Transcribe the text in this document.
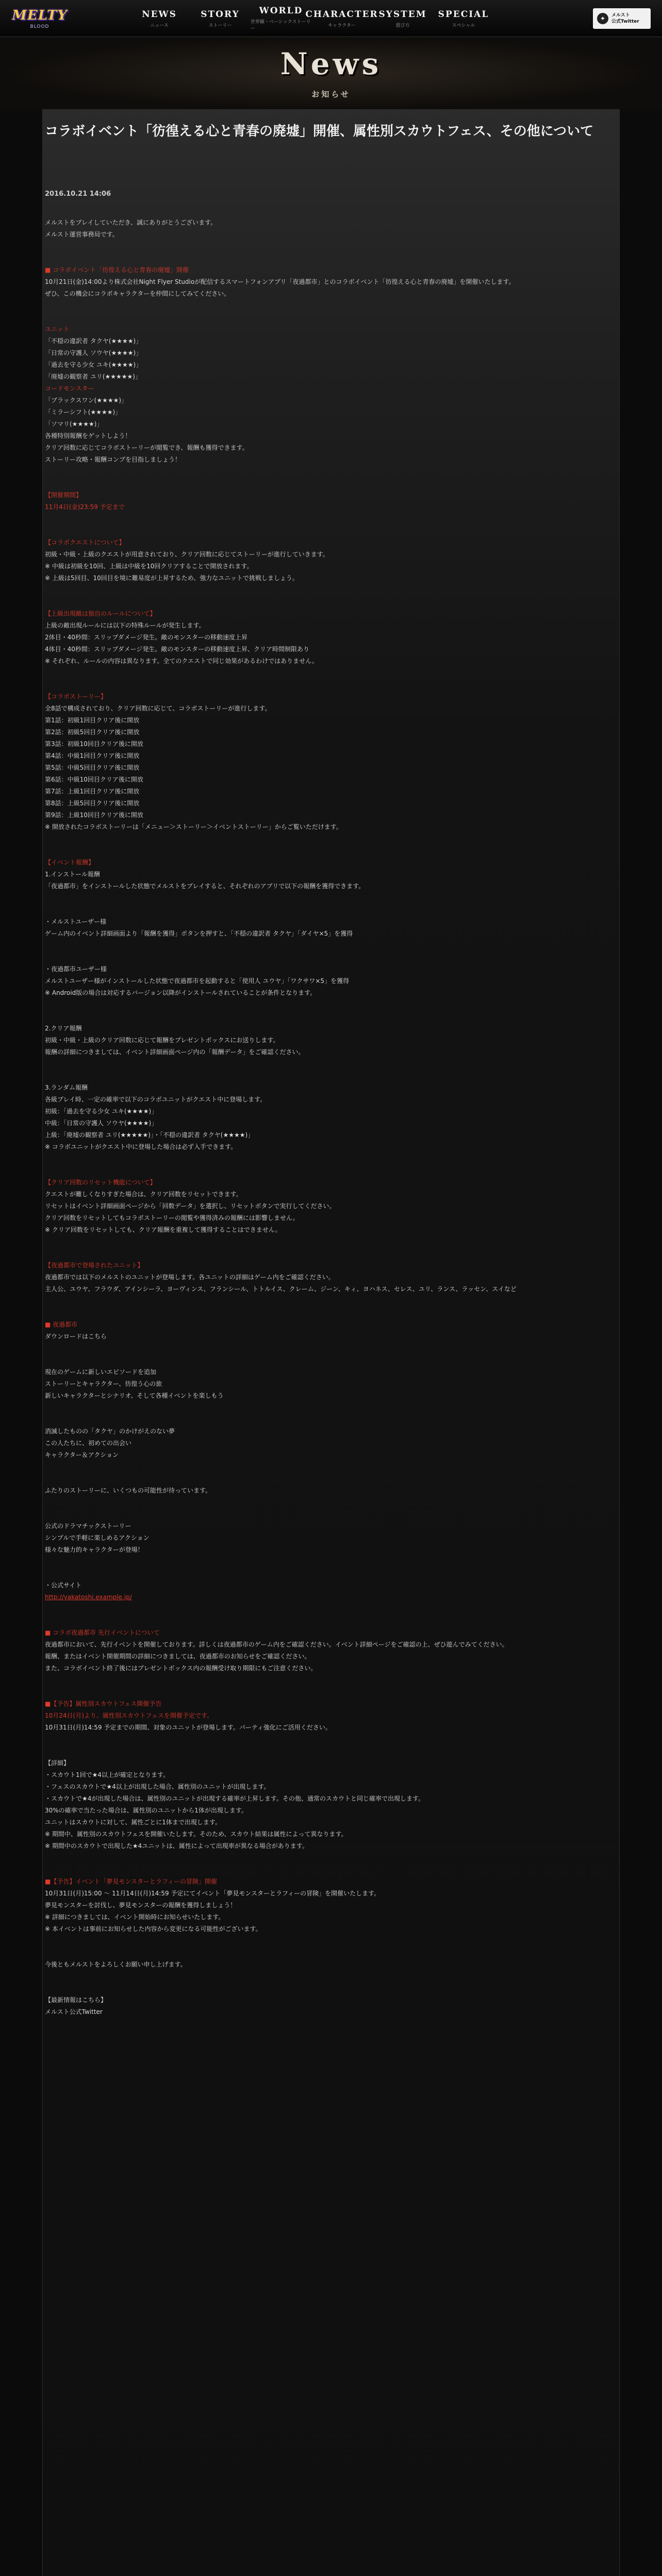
MELTY
BLOOD
NEWS
ニュース
STORY
ストーリー
WORLD
世界観・ベーシックストーリー
CHARACTER
キャラクター
SYSTEM
遊び方
SPECIAL
スペシャル
✦	メルスト
公式Twitter
News
お知らせ
コラボイベント「彷徨える心と青春の廃墟」開催、属性別スカウトフェス、その他について
2016.10.21 14:06
メルストをプレイしていただき、誠にありがとうございます。
メルスト運営事務局です。
■ コラボイベント「彷徨える心と青春の廃墟」開催
10月21日(金)14:00より株式会社Night Flyer Studioが配信するスマートフォンアプリ「夜過都市」とのコラボイベント「彷徨える心と青春の廃墟」を開催いたします。
ぜひ、この機会にコラボキャラクターを仲間にしてみてください。
ユニット
「不穏の違訳者 タクヤ(★★★★)」
「日常の守護人 ソウヤ(★★★★)」
「過去を守る少女 ユキ(★★★★)」
「廃墟の観察者 ユリ(★★★★★)」
コードモンスター
「ブラックスワン(★★★★)」
「ミラーシフト(★★★★)」
「ソマリ(★★★★)」
各種特別報酬をゲットしよう！
クリア回数に応じてコラボストーリーが閲覧でき、報酬も獲得できます。
ストーリー攻略・報酬コンプを目指しましょう！
【開催期間】
11月4日(金)23:59 予定まで
【コラボクエストについて】
初級・中級・上級のクエストが用意されており、クリア回数に応じてストーリーが進行していきます。
※ 中級は初級を10回、上級は中級を10回クリアすることで開放されます。
※ 上級は5回目、10回目を境に難易度が上昇するため、強力なユニットで挑戦しましょう。
【上級出現敵は独自のルールについて】
上級の敵出現ルールには以下の特殊ルールが発生します。
2体目・40秒間：スリップダメージ発生。敵のモンスターの移動速度上昇
4体目・40秒間：スリップダメージ発生。敵のモンスターの移動速度上昇、クリア時間制限あり
※ それぞれ、ルールの内容は異なります。全てのクエストで同じ効果があるわけではありません。
【コラボストーリー】
全8話で構成されており、クリア回数に応じて、コラボストーリーが進行します。
第1話：初級1回目クリア後に開放
第2話：初級5回目クリア後に開放
第3話：初級10回目クリア後に開放
第4話：中級1回目クリア後に開放
第5話：中級5回目クリア後に開放
第6話：中級10回目クリア後に開放
第7話：上級1回目クリア後に開放
第8話：上級5回目クリア後に開放
第9話：上級10回目クリア後に開放
※ 開放されたコラボストーリーは「メニュー＞ストーリー＞イベントストーリー」からご覧いただけます。
【イベント報酬】
1.インストール報酬
「夜過都市」をインストールした状態でメルストをプレイすると、それぞれのアプリで以下の報酬を獲得できます。
・メルストユーザー様
ゲーム内のイベント詳細画面より「報酬を獲得」ボタンを押すと、「不穏の違訳者 タクヤ」「ダイヤ×5」を獲得
・夜過都市ユーザー様
メルストユーザー様がインストールした状態で夜過都市を起動すると「使用人 ユウヤ」「ワクサワ×5」を獲得
※ Android版の場合は対応するバージョン以降がインストールされていることが条件となります。
2.クリア報酬
初級・中級・上級のクリア回数に応じて報酬をプレゼントボックスにお送りします。
報酬の詳細につきましては、イベント詳細画面ページ内の「報酬データ」をご確認ください。
3.ランダム報酬
各級プレイ時、一定の確率で以下のコラボユニットがクエスト中に登場します。
初級：「過去を守る少女 ユキ(★★★★)」
中級：「日常の守護人 ソウヤ(★★★★)」
上級：「廃墟の観察者 ユリ(★★★★★)」・「不穏の違訳者 タクヤ(★★★★)」
※ コラボユニットがクエスト中に登場した場合は必ず入手できます。
【クリア回数のリセット機能について】
クエストが難しくなりすぎた場合は、クリア回数をリセットできます。
リセットはイベント詳細画面ページから「回数データ」を選択し、リセットボタンで実行してください。
クリア回数をリセットしてもコラボストーリーの閲覧や獲得済みの報酬には影響しません。
※ クリア回数をリセットしても、クリア報酬を重複して獲得することはできません。
【夜過都市で登場されたユニット】
夜過都市では以下のメルストのユニットが登場します。各ユニットの詳細はゲーム内をご確認ください。
主人公、ユウヤ、フラウダ、アインシーラ、ヨーヴィンス、フランシール、トトルイス、クレーム、ジーン、キィ、ヨハネス、セレス、ユリ、ランス、ラッセン、スイなど
■ 夜過都市
ダウンロードはこちら
現在のゲームに新しいエピソードを追加
ストーリーとキャラクター、彷徨う心の旅
新しいキャラクターとシナリオ、そして各種イベントを楽しもう
消滅したものの「タクヤ」のかけがえのない夢
この人たちに、初めての出会い
キャラクター＆アクション
ふたりのストーリーに、いくつもの可能性が待っています。
公式のドラマチックストーリー
シンプルで手軽に楽しめるアクション
様々な魅力的キャラクターが登場！
・公式サイト
http://yakatoshi.example.jp/
■ コラボ夜過都市 先行イベントについて
夜過都市において、先行イベントを開催しております。詳しくは夜過都市のゲーム内をご確認ください。イベント詳細ページをご確認の上、ぜひ遊んでみてください。
報酬、またはイベント開催期間の詳細につきましては、夜過都市のお知らせをご確認ください。
また、コラボイベント終了後にはプレゼントボックス内の報酬受け取り期限にもご注意ください。
■【予告】属性別スカウトフェス開催予告
10月24日(月)より、属性別スカウトフェスを開催予定です。
10月31日(月)14:59 予定までの期間、対象のユニットが登場します。パーティ強化にご活用ください。
【詳細】
・スカウト1回で★4以上が確定となります。
・フェスのスカウトで★4以上が出現した場合、属性別のユニットが出現します。
・スカウトで★4が出現した場合は、属性別のユニットが出現する確率が上昇します。その他、通常のスカウトと同じ確率で出現します。
30%の確率で当たった場合は、属性別のユニットから1体が出現します。
ユニットはスカウトに対して、属性ごとに1体まで出現します。
※ 期間中、属性別のスカウトフェスを開催いたします。そのため、スカウト結果は属性によって異なります。
※ 期間中のスカウトで出現した★4ユニットは、属性によって出現率が異なる場合があります。
■【予告】イベント「夢見モンスターとラフィーの冒険」開催
10月31日(月)15:00 〜 11月14日(月)14:59 予定にてイベント「夢見モンスターとラフィーの冒険」を開催いたします。
夢見モンスターを討伐し、夢見モンスターの報酬を獲得しましょう！
※ 詳細につきましては、イベント開始時にお知らせいたします。
※ 本イベントは事前にお知らせした内容から変更になる可能性がございます。
今後ともメルストをよろしくお願い申し上げます。
【最新情報はこちら】
メルスト公式Twitter
